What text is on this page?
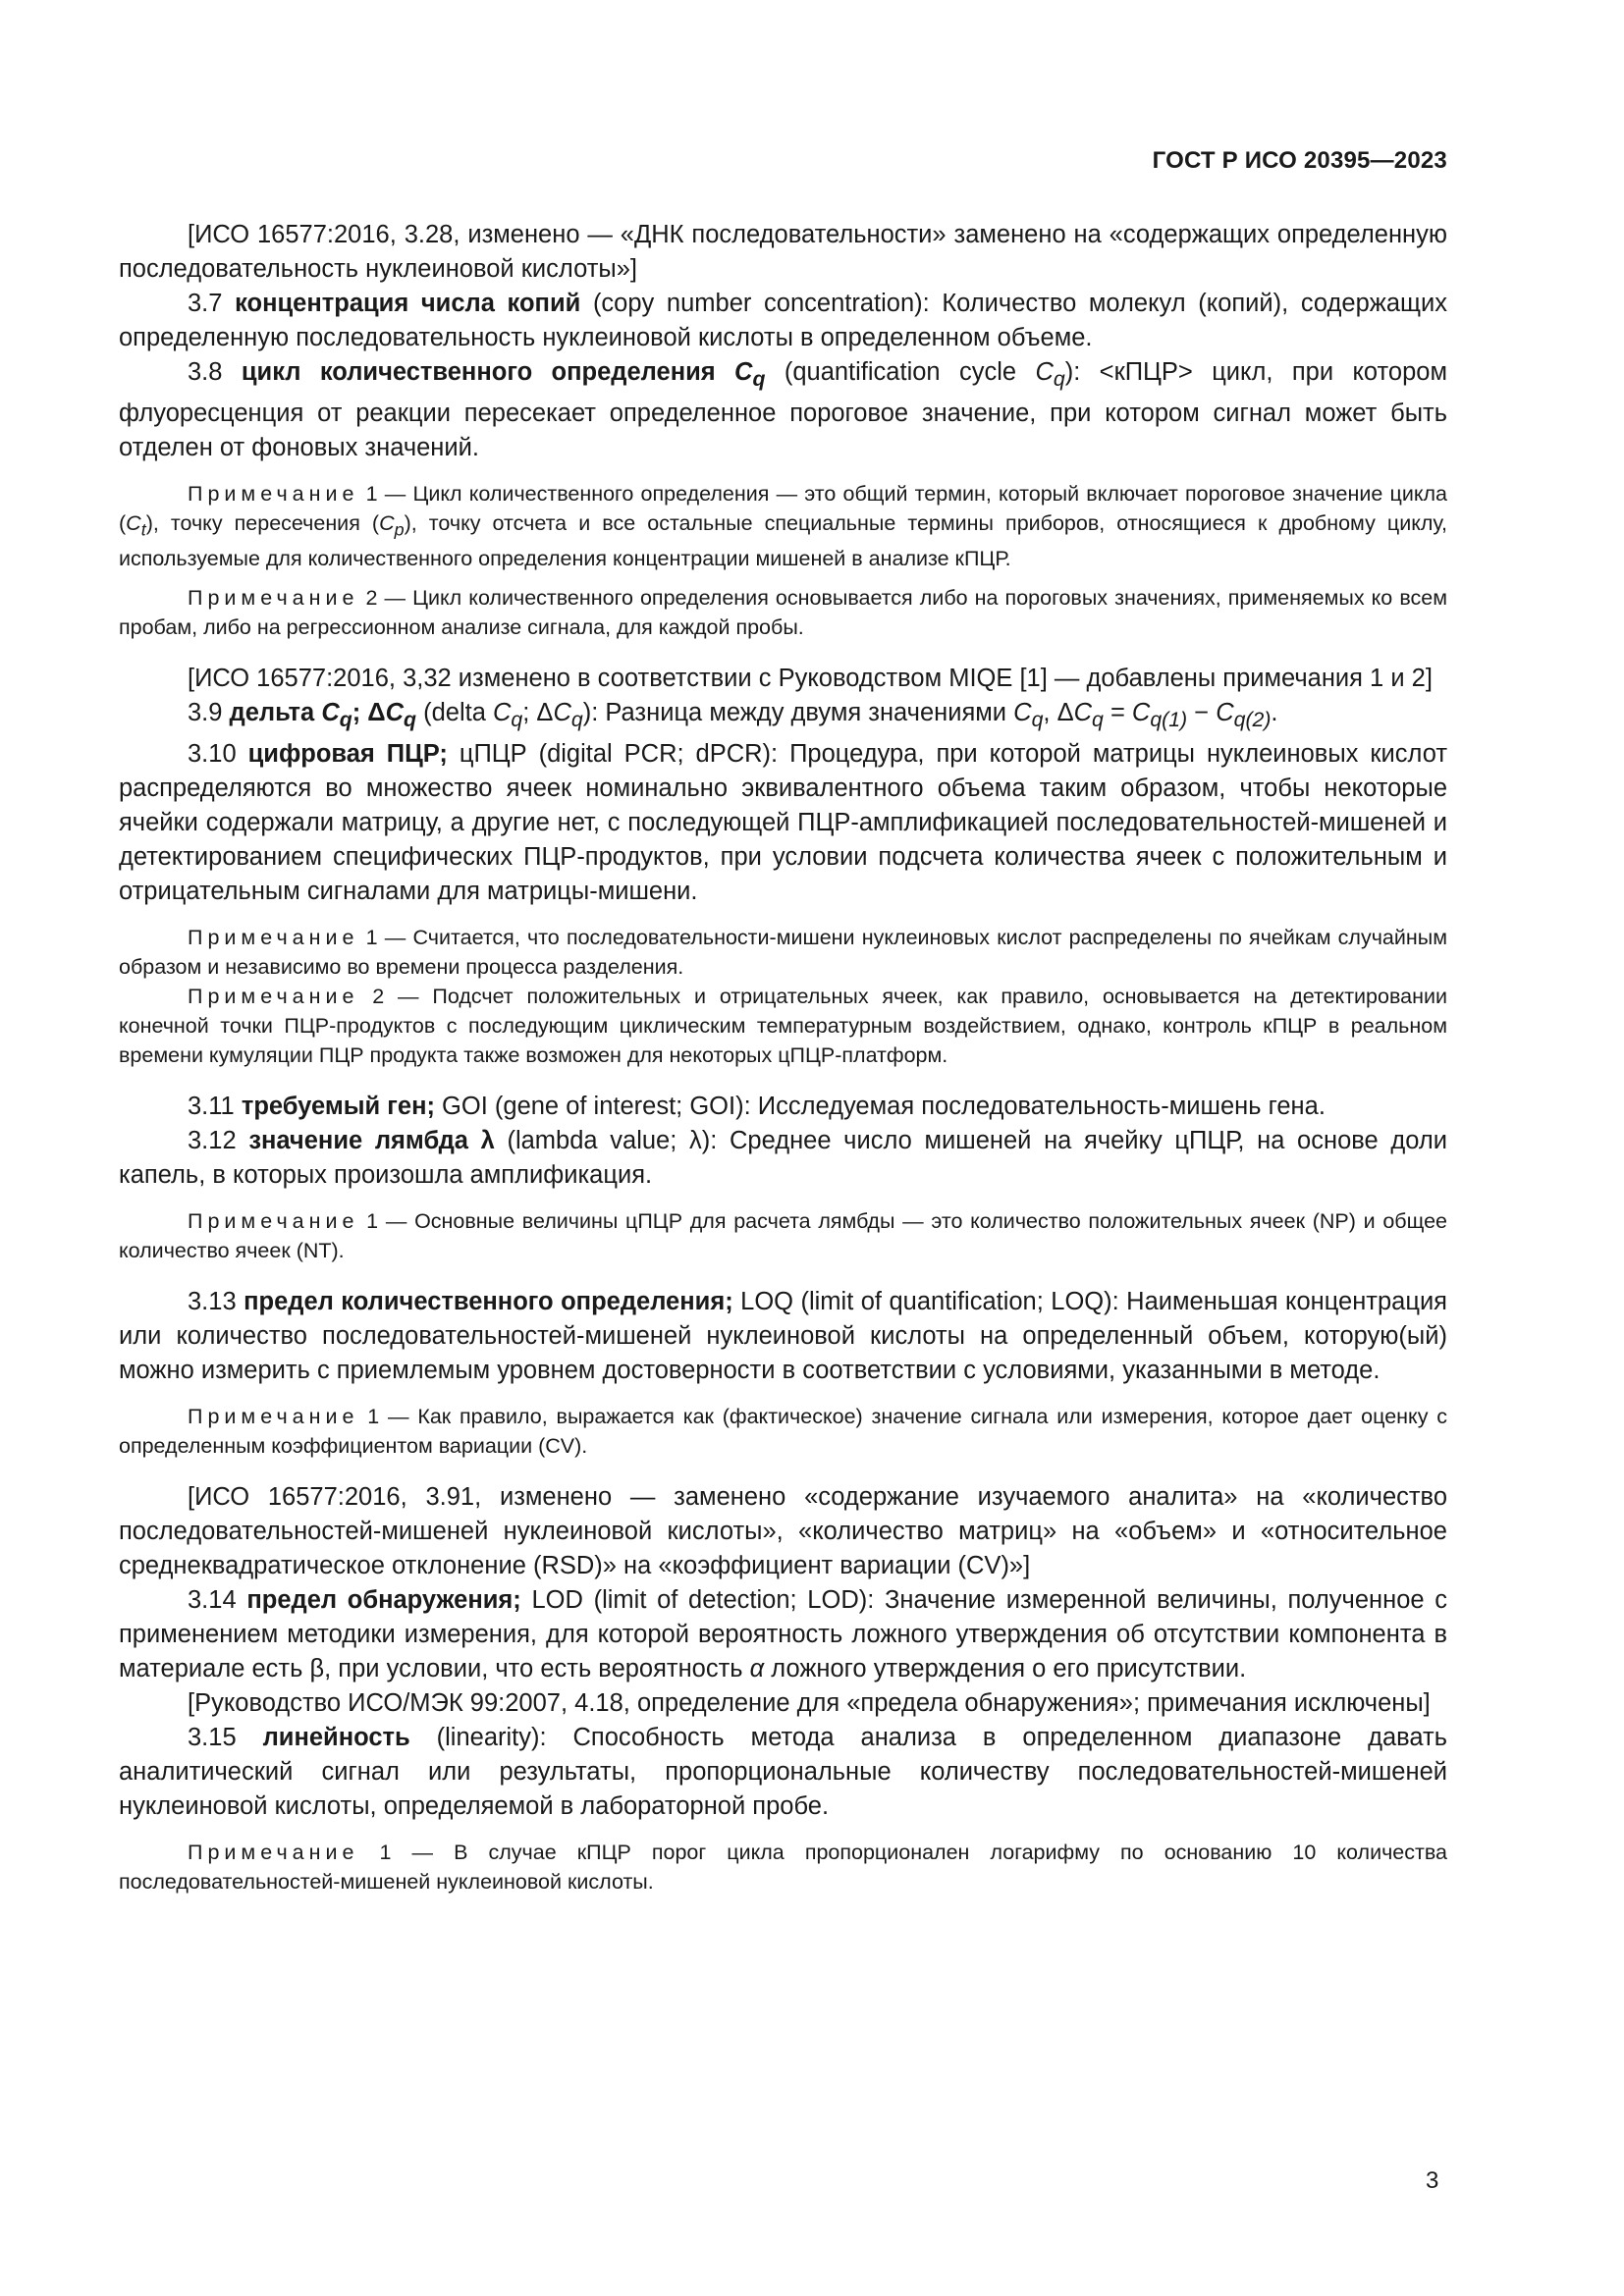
ГОСТ Р ИСО 20395—2023

[ИСО 16577:2016, 3.28, изменено — «ДНК последовательности» заменено на «содержащих определенную последовательность нуклеиновой кислоты»]

3.7 концентрация числа копий (copy number concentration): Количество молекул (копий), содержащих определенную последовательность нуклеиновой кислоты в определенном объеме.

3.8 цикл количественного определения $C_q$ (quantification cycle $C_q$): <кПЦР> цикл, при котором флуоресценция от реакции пересекает определенное пороговое значение, при котором сигнал может быть отделен от фоновых значений.

Примечание 1 — Цикл количественного определения — это общий термин, который включает пороговое значение цикла $(C_t)$, точку пересечения $(C_p)$, точку отсчета и все остальные специальные термины приборов, относящиеся к дробному циклу, используемые для количественного определения концентрации мишеней в анализе кПЦР.

Примечание 2 — Цикл количественного определения основывается либо на пороговых значениях, применяемых ко всем пробам, либо на регрессионном анализе сигнала, для каждой пробы.

[ИСО 16577:2016, 3,32 изменено в соответствии с Руководством MIQE [1] — добавлены примечания 1 и 2]

3.9 дельта $C_q$; $\Delta C_q$ (delta $C_q$; $\Delta C_q$): Разница между двумя значениями $C_q$, $\Delta C_q = C_{q(1)} - C_{q(2)}$.

3.10 цифровая ПЦР; цПЦР (digital PCR; dPCR): Процедура, при которой матрицы нуклеиновых кислот распределяются во множество ячеек номинально эквивалентного объема таким образом, чтобы некоторые ячейки содержали матрицу, а другие нет, с последующей ПЦР-амплификацией последовательностей-мишеней и детектированием специфических ПЦР-продуктов, при условии подсчета количества ячеек с положительным и отрицательным сигналами для матрицы-мишени.

Примечание 1 — Считается, что последовательности-мишени нуклеиновых кислот распределены по ячейкам случайным образом и независимо во времени процесса разделения.

Примечание 2 — Подсчет положительных и отрицательных ячеек, как правило, основывается на детектировании конечной точки ПЦР-продуктов с последующим циклическим температурным воздействием, однако, контроль кПЦР в реальном времени кумуляции ПЦР продукта также возможен для некоторых цПЦР-платформ.

3.11 требуемый ген; GOI (gene of interest; GOI): Исследуемая последовательность-мишень гена.

3.12 значение лямбда λ (lambda value; λ): Среднее число мишеней на ячейку цПЦР, на основе доли капель, в которых произошла амплификация.

Примечание 1 — Основные величины цПЦР для расчета лямбды — это количество положительных ячеек (NP) и общее количество ячеек (NT).

3.13 предел количественного определения; LOQ (limit of quantification; LOQ): Наименьшая концентрация или количество последовательностей-мишеней нуклеиновой кислоты на определенный объем, которую(ый) можно измерить с приемлемым уровнем достоверности в соответствии с условиями, указанными в методе.

Примечание 1 — Как правило, выражается как (фактическое) значение сигнала или измерения, которое дает оценку с определенным коэффициентом вариации (CV).

[ИСО 16577:2016, 3.91, изменено — заменено «содержание изучаемого аналита» на «количество последовательностей-мишеней нуклеиновой кислоты», «количество матриц» на «объем» и «относительное среднеквадратическое отклонение (RSD)» на «коэффициент вариации (CV)»]

3.14 предел обнаружения; LOD (limit of detection; LOD): Значение измеренной величины, полученное с применением методики измерения, для которой вероятность ложного утверждения об отсутствии компонента в материале есть β, при условии, что есть вероятность α ложного утверждения о его присутствии.

[Руководство ИСО/МЭК 99:2007, 4.18, определение для «предела обнаружения»; примечания исключены]

3.15 линейность (linearity): Способность метода анализа в определенном диапазоне давать аналитический сигнал или результаты, пропорциональные количеству последовательностей-мишеней нуклеиновой кислоты, определяемой в лабораторной пробе.

Примечание 1 — В случае кПЦР порог цикла пропорционален логарифму по основанию 10 количества последовательностей-мишеней нуклеиновой кислоты.

3
